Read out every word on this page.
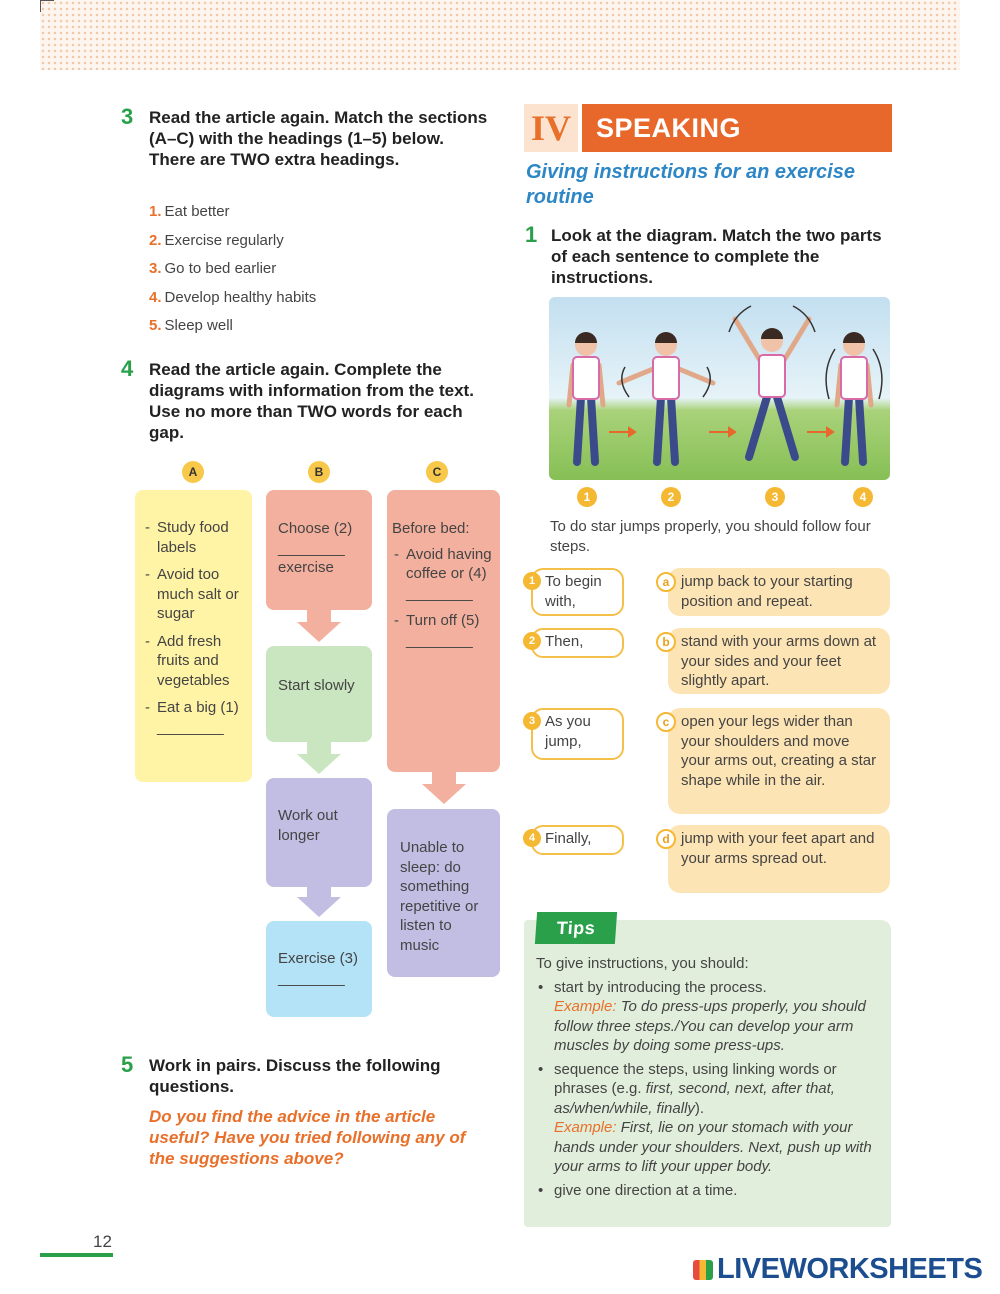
3 Read the article again. Match the sections (A–C) with the headings (1–5) below. There are TWO extra headings.
1. Eat better
2. Exercise regularly
3. Go to bed earlier
4. Develop healthy habits
5. Sleep well
4 Read the article again. Complete the diagrams with information from the text. Use no more than TWO words for each gap.
A	B	C
- Study food labels
- Avoid too much salt or sugar
- Add fresh fruits and vegetables
- Eat a big (1) ________
Choose (2) ________ exercise
Start slowly
Work out longer
Exercise (3) ________
Before bed:
- Avoid having coffee or (4) ________
- Turn off (5) ________
Unable to sleep: do something repetitive or listen to music
5 Work in pairs. Discuss the following questions.
Do you find the advice in the article useful? Have you tried following any of the suggestions above?
IV SPEAKING
Giving instructions for an exercise routine
1 Look at the diagram. Match the two parts of each sentence to complete the instructions.
1	2	3	4
To do star jumps properly, you should follow four steps.
1 To begin with,
2 Then,
3 As you jump,
4 Finally,
a jump back to your starting position and repeat.
b stand with your arms down at your sides and your feet slightly apart.
c open your legs wider than your shoulders and move your arms out, creating a star shape while in the air.
d jump with your feet apart and your arms spread out.
Tips
To give instructions, you should:
• start by introducing the process.
Example: To do press-ups properly, you should follow three steps./You can develop your arm muscles by doing some press-ups.
• sequence the steps, using linking words or phrases (e.g. first, second, next, after that, as/when/while, finally).
Example: First, lie on your stomach with your hands under your shoulders. Next, push up with your arms to lift your upper body.
• give one direction at a time.
12
LIVEWORKSHEETS
